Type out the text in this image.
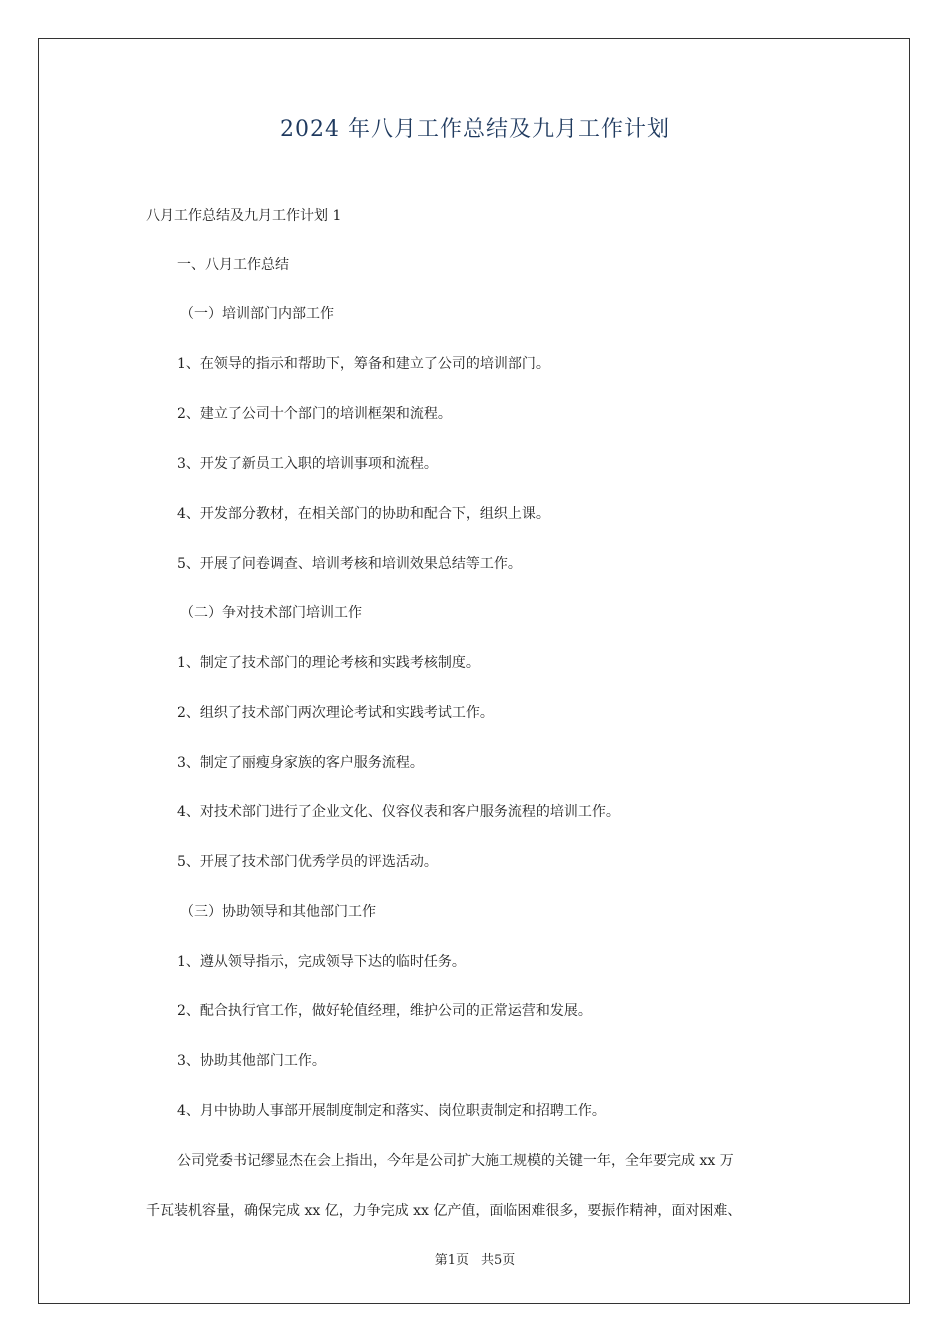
2024 年八月工作总结及九月工作计划
八月工作总结及九月工作计划 1
一、八月工作总结
（一）培训部门内部工作
1、在领导的指示和帮助下，筹备和建立了公司的培训部门。
2、建立了公司十个部门的培训框架和流程。
3、开发了新员工入职的培训事项和流程。
4、开发部分教材，在相关部门的协助和配合下，组织上课。
5、开展了问卷调查、培训考核和培训效果总结等工作。
（二）争对技术部门培训工作
1、制定了技术部门的理论考核和实践考核制度。
2、组织了技术部门两次理论考试和实践考试工作。
3、制定了丽瘦身家族的客户服务流程。
4、对技术部门进行了企业文化、仪容仪表和客户服务流程的培训工作。
5、开展了技术部门优秀学员的评选活动。
（三）协助领导和其他部门工作
1、遵从领导指示，完成领导下达的临时任务。
2、配合执行官工作，做好轮值经理，维护公司的正常运营和发展。
3、协助其他部门工作。
4、月中协助人事部开展制度制定和落实、岗位职责制定和招聘工作。
公司党委书记缪显杰在会上指出，今年是公司扩大施工规模的关键一年，全年要完成 xx 万
千瓦装机容量，确保完成 xx 亿，力争完成 xx 亿产值，面临困难很多，要振作精神，面对困难、
第1页 共5页
